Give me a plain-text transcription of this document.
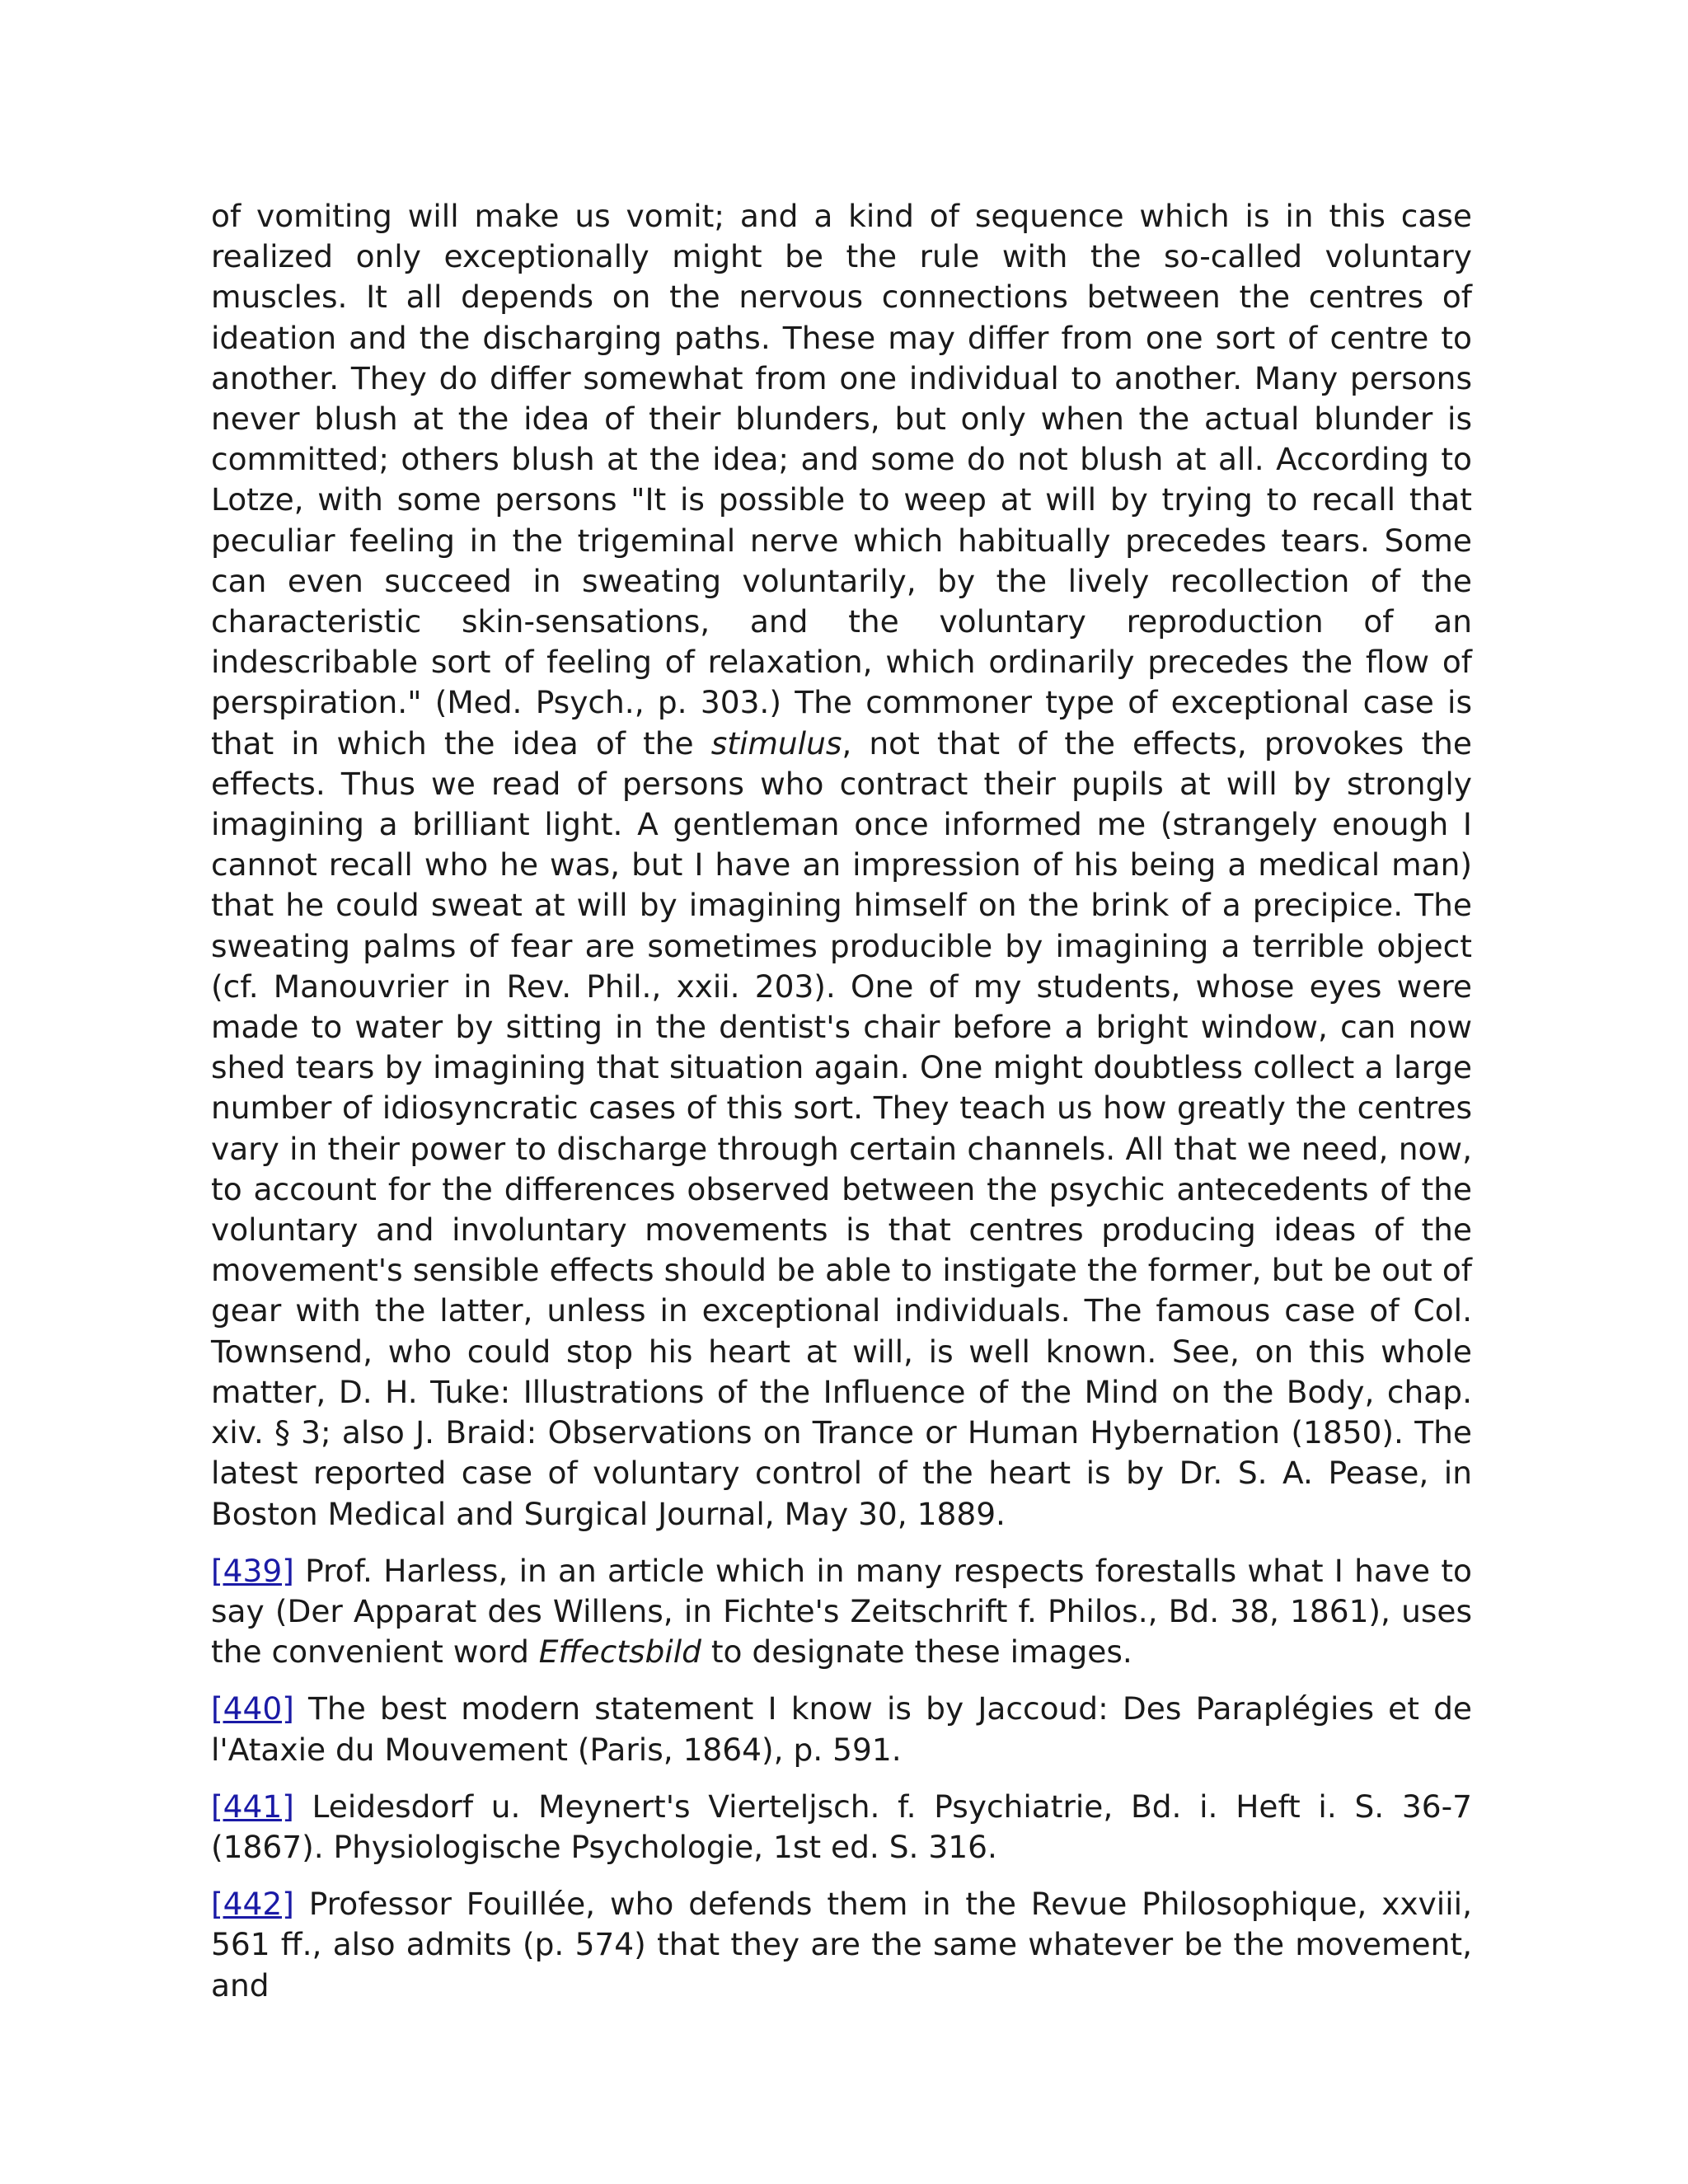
of vomiting will make us vomit; and a kind of sequence which is in this case realized only exceptionally might be the rule with the so-called voluntary muscles. It all depends on the nervous connections between the centres of ideation and the discharging paths. These may differ from one sort of centre to another. They do differ somewhat from one individual to another. Many persons never blush at the idea of their blunders, but only when the actual blunder is committed; others blush at the idea; and some do not blush at all. According to Lotze, with some persons "It is possible to weep at will by trying to recall that peculiar feeling in the trigeminal nerve which habitually precedes tears. Some can even succeed in sweating voluntarily, by the lively recollection of the characteristic skin-sensations, and the voluntary reproduction of an indescribable sort of feeling of relaxation, which ordinarily precedes the flow of perspiration." (Med. Psych., p. 303.) The commoner type of exceptional case is that in which the idea of the stimulus, not that of the effects, provokes the effects. Thus we read of persons who contract their pupils at will by strongly imagining a brilliant light. A gentleman once informed me (strangely enough I cannot recall who he was, but I have an impression of his being a medical man) that he could sweat at will by imagining himself on the brink of a precipice. The sweating palms of fear are sometimes producible by imagining a terrible object (cf. Manouvrier in Rev. Phil., xxii. 203). One of my students, whose eyes were made to water by sitting in the dentist's chair before a bright window, can now shed tears by imagining that situation again. One might doubtless collect a large number of idiosyncratic cases of this sort. They teach us how greatly the centres vary in their power to discharge through certain channels. All that we need, now, to account for the differences observed between the psychic antecedents of the voluntary and involuntary movements is that centres producing ideas of the movement's sensible effects should be able to instigate the former, but be out of gear with the latter, unless in exceptional individuals. The famous case of Col. Townsend, who could stop his heart at will, is well known. See, on this whole matter, D. H. Tuke: Illustrations of the Influence of the Mind on the Body, chap. xiv. § 3; also J. Braid: Observations on Trance or Human Hybernation (1850). The latest reported case of voluntary control of the heart is by Dr. S. A. Pease, in Boston Medical and Surgical Journal, May 30, 1889.

[439] Prof. Harless, in an article which in many respects forestalls what I have to say (Der Apparat des Willens, in Fichte's Zeitschrift f. Philos., Bd. 38, 1861), uses the convenient word Effectsbild to designate these images.

[440] The best modern statement I know is by Jaccoud: Des Paraplégies et de l'Ataxie du Mouvement (Paris, 1864), p. 591.

[441] Leidesdorf u. Meynert's Vierteljsch. f. Psychiatrie, Bd. i. Heft i. S. 36-7 (1867). Physiologische Psychologie, 1st ed. S. 316.

[442] Professor Fouillée, who defends them in the Revue Philosophique, xxviii, 561 ff., also admits (p. 574) that they are the same whatever be the movement, and
